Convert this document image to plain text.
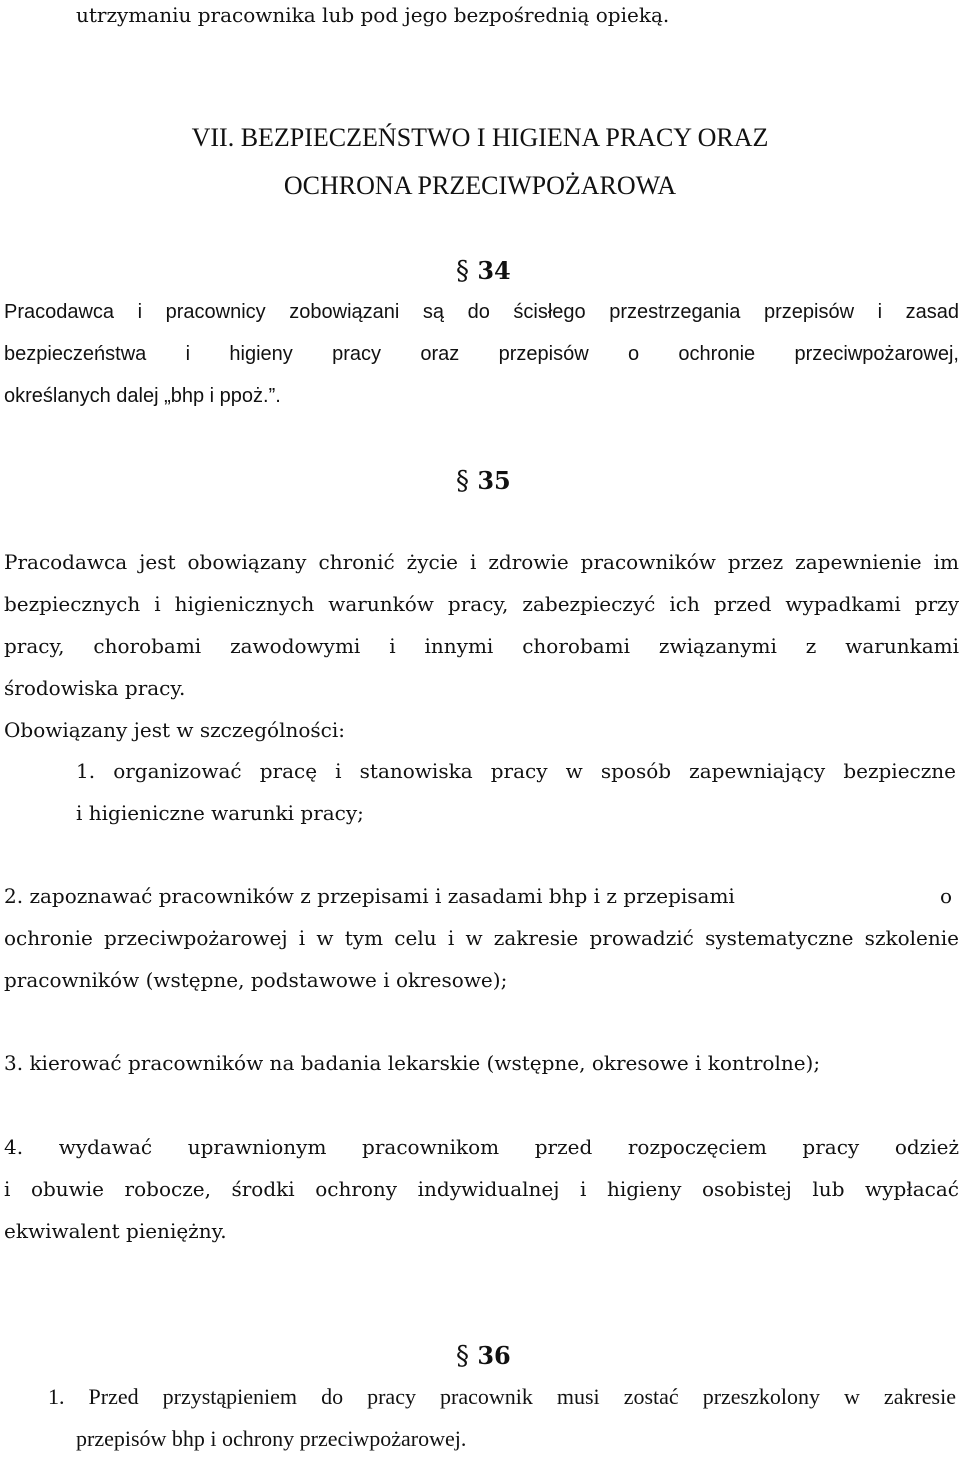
utrzymaniu pracownika lub pod jego bezpośrednią opieką.
VII. BEZPIECZEŃSTWO I HIGIENA PRACY ORAZ
OCHRONA PRZECIWPOŻAROWA
§ 34
Pracodawca i pracownicy zobowiązani są do ścisłego przestrzegania przepisów i zasad
bezpieczeństwa i higieny pracy oraz przepisów o ochronie przeciwpożarowej,
określanych dalej „bhp i ppoż.”.
§ 35
Pracodawca jest obowiązany chronić życie i zdrowie pracowników przez zapewnienie im
bezpiecznych i higienicznych warunków pracy, zabezpieczyć ich przed wypadkami przy
pracy, chorobami zawodowymi i innymi chorobami związanymi z warunkami
środowiska pracy.
Obowiązany jest w szczególności:
1. organizować pracę i stanowiska pracy w sposób zapewniający bezpieczne
i higieniczne warunki pracy;
2. zapoznawać pracowników z przepisami i zasadami bhp i z przepisami	o
ochronie przeciwpożarowej i w tym celu i w zakresie prowadzić systematyczne szkolenie
pracowników (wstępne, podstawowe i okresowe);
3. kierować pracowników na badania lekarskie (wstępne, okresowe i kontrolne);
4. wydawać uprawnionym pracownikom przed rozpoczęciem pracy odzież
i obuwie robocze, środki ochrony indywidualnej i higieny osobistej lub wypłacać
ekwiwalent pieniężny.
§ 36
1. Przed przystąpieniem do pracy pracownik musi zostać przeszkolony w zakresie
przepisów bhp i ochrony przeciwpożarowej.
